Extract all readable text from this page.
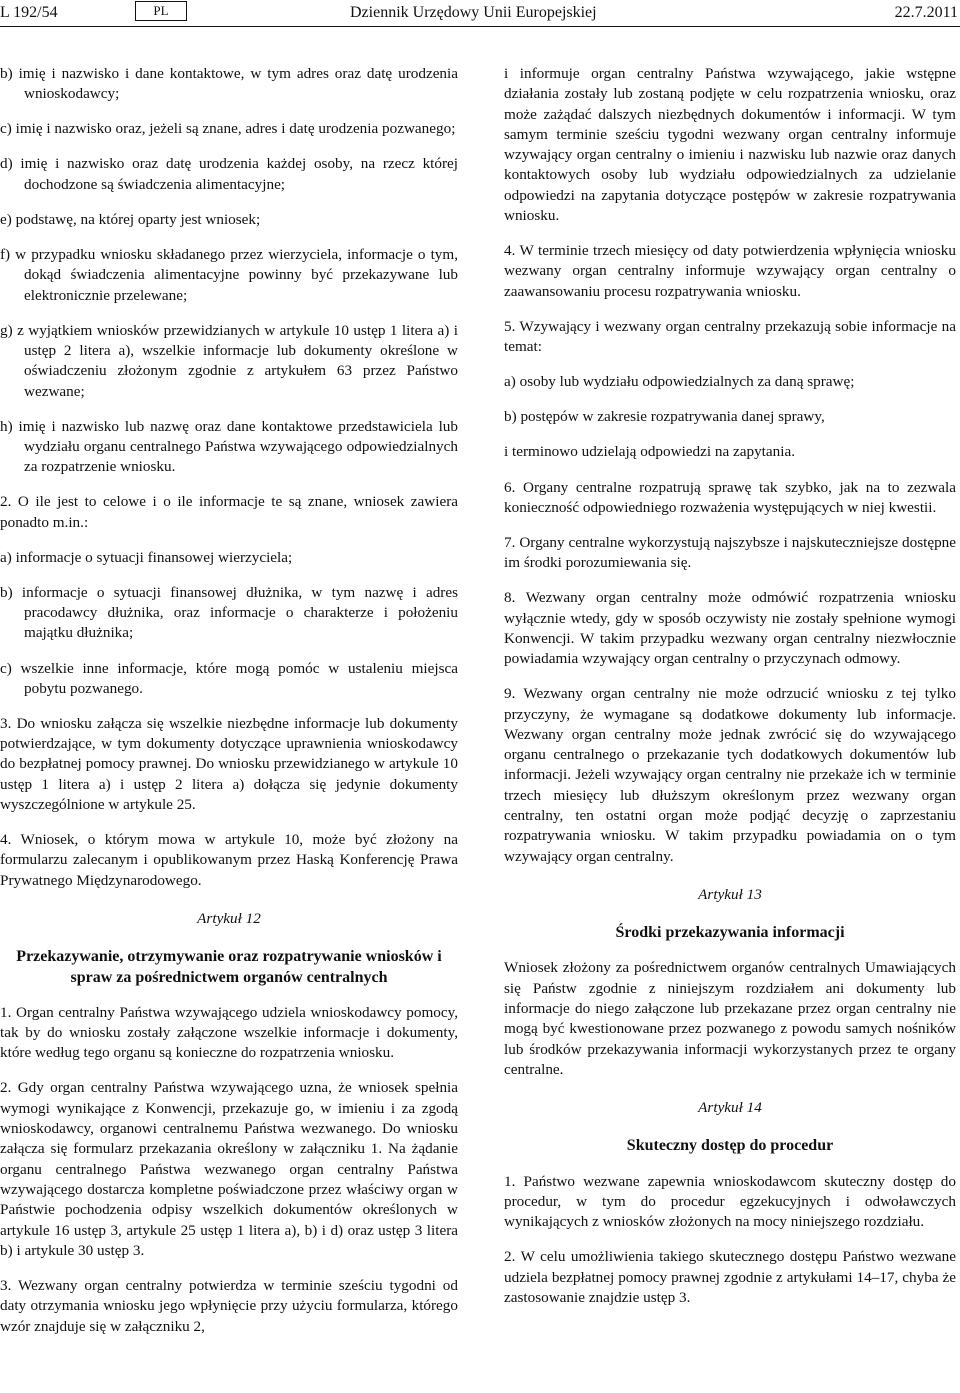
L 192/54	PL	Dziennik Urzędowy Unii Europejskiej	22.7.2011

b) imię i nazwisko i dane kontaktowe, w tym adres oraz datę urodzenia wnioskodawcy;

c) imię i nazwisko oraz, jeżeli są znane, adres i datę urodzenia pozwanego;

d) imię i nazwisko oraz datę urodzenia każdej osoby, na rzecz której dochodzone są świadczenia alimentacyjne;

e) podstawę, na której oparty jest wniosek;

f) w przypadku wniosku składanego przez wierzyciela, informacje o tym, dokąd świadczenia alimentacyjne powinny być przekazywane lub elektronicznie przelewane;

g) z wyjątkiem wniosków przewidzianych w artykule 10 ustęp 1 litera a) i ustęp 2 litera a), wszelkie informacje lub dokumenty określone w oświadczeniu złożonym zgodnie z artykułem 63 przez Państwo wezwane;

h) imię i nazwisko lub nazwę oraz dane kontaktowe przedstawiciela lub wydziału organu centralnego Państwa wzywającego odpowiedzialnych za rozpatrzenie wniosku.

2. O ile jest to celowe i o ile informacje te są znane, wniosek zawiera ponadto m.in.:

a) informacje o sytuacji finansowej wierzyciela;

b) informacje o sytuacji finansowej dłużnika, w tym nazwę i adres pracodawcy dłużnika, oraz informacje o charakterze i położeniu majątku dłużnika;

c) wszelkie inne informacje, które mogą pomóc w ustaleniu miejsca pobytu pozwanego.

3. Do wniosku załącza się wszelkie niezbędne informacje lub dokumenty potwierdzające, w tym dokumenty dotyczące uprawnienia wnioskodawcy do bezpłatnej pomocy prawnej. Do wniosku przewidzianego w artykule 10 ustęp 1 litera a) i ustęp 2 litera a) dołącza się jedynie dokumenty wyszczególnione w artykule 25.

4. Wniosek, o którym mowa w artykule 10, może być złożony na formularzu zalecanym i opublikowanym przez Haską Konferencję Prawa Prywatnego Międzynarodowego.

Artykuł 12

Przekazywanie, otrzymywanie oraz rozpatrywanie wniosków i spraw za pośrednictwem organów centralnych

1. Organ centralny Państwa wzywającego udziela wnioskodawcy pomocy, tak by do wniosku zostały załączone wszelkie informacje i dokumenty, które według tego organu są konieczne do rozpatrzenia wniosku.

2. Gdy organ centralny Państwa wzywającego uzna, że wniosek spełnia wymogi wynikające z Konwencji, przekazuje go, w imieniu i za zgodą wnioskodawcy, organowi centralnemu Państwa wezwanego. Do wniosku załącza się formularz przekazania określony w załączniku 1. Na żądanie organu centralnego Państwa wezwanego organ centralny Państwa wzywającego dostarcza kompletne poświadczone przez właściwy organ w Państwie pochodzenia odpisy wszelkich dokumentów określonych w artykule 16 ustęp 3, artykule 25 ustęp 1 litera a), b) i d) oraz ustęp 3 litera b) i artykule 30 ustęp 3.

3. Wezwany organ centralny potwierdza w terminie sześciu tygodni od daty otrzymania wniosku jego wpłynięcie przy użyciu formularza, którego wzór znajduje się w załączniku 2,

i informuje organ centralny Państwa wzywającego, jakie wstępne działania zostały lub zostaną podjęte w celu rozpatrzenia wniosku, oraz może zażądać dalszych niezbędnych dokumentów i informacji. W tym samym terminie sześciu tygodni wezwany organ centralny informuje wzywający organ centralny o imieniu i nazwisku lub nazwie oraz danych kontaktowych osoby lub wydziału odpowiedzialnych za udzielanie odpowiedzi na zapytania dotyczące postępów w zakresie rozpatrywania wniosku.

4. W terminie trzech miesięcy od daty potwierdzenia wpłynięcia wniosku wezwany organ centralny informuje wzywający organ centralny o zaawansowaniu procesu rozpatrywania wniosku.

5. Wzywający i wezwany organ centralny przekazują sobie informacje na temat:

a) osoby lub wydziału odpowiedzialnych za daną sprawę;

b) postępów w zakresie rozpatrywania danej sprawy,

i terminowo udzielają odpowiedzi na zapytania.

6. Organy centralne rozpatrują sprawę tak szybko, jak na to zezwala konieczność odpowiedniego rozważenia występujących w niej kwestii.

7. Organy centralne wykorzystują najszybsze i najskuteczniejsze dostępne im środki porozumiewania się.

8. Wezwany organ centralny może odmówić rozpatrzenia wniosku wyłącznie wtedy, gdy w sposób oczywisty nie zostały spełnione wymogi Konwencji. W takim przypadku wezwany organ centralny niezwłocznie powiadamia wzywający organ centralny o przyczynach odmowy.

9. Wezwany organ centralny nie może odrzucić wniosku z tej tylko przyczyny, że wymagane są dodatkowe dokumenty lub informacje. Wezwany organ centralny może jednak zwrócić się do wzywającego organu centralnego o przekazanie tych dodatkowych dokumentów lub informacji. Jeżeli wzywający organ centralny nie przekaże ich w terminie trzech miesięcy lub dłuższym określonym przez wezwany organ centralny, ten ostatni organ może podjąć decyzję o zaprzestaniu rozpatrywania wniosku. W takim przypadku powiadamia on o tym wzywający organ centralny.

Artykuł 13

Środki przekazywania informacji

Wniosek złożony za pośrednictwem organów centralnych Umawiających się Państw zgodnie z niniejszym rozdziałem ani dokumenty lub informacje do niego załączone lub przekazane przez organ centralny nie mogą być kwestionowane przez pozwanego z powodu samych nośników lub środków przekazywania informacji wykorzystanych przez te organy centralne.

Artykuł 14

Skuteczny dostęp do procedur

1. Państwo wezwane zapewnia wnioskodawcom skuteczny dostęp do procedur, w tym do procedur egzekucyjnych i odwoławczych wynikających z wniosków złożonych na mocy niniejszego rozdziału.

2. W celu umożliwienia takiego skutecznego dostępu Państwo wezwane udziela bezpłatnej pomocy prawnej zgodnie z artykułami 14–17, chyba że zastosowanie znajdzie ustęp 3.
